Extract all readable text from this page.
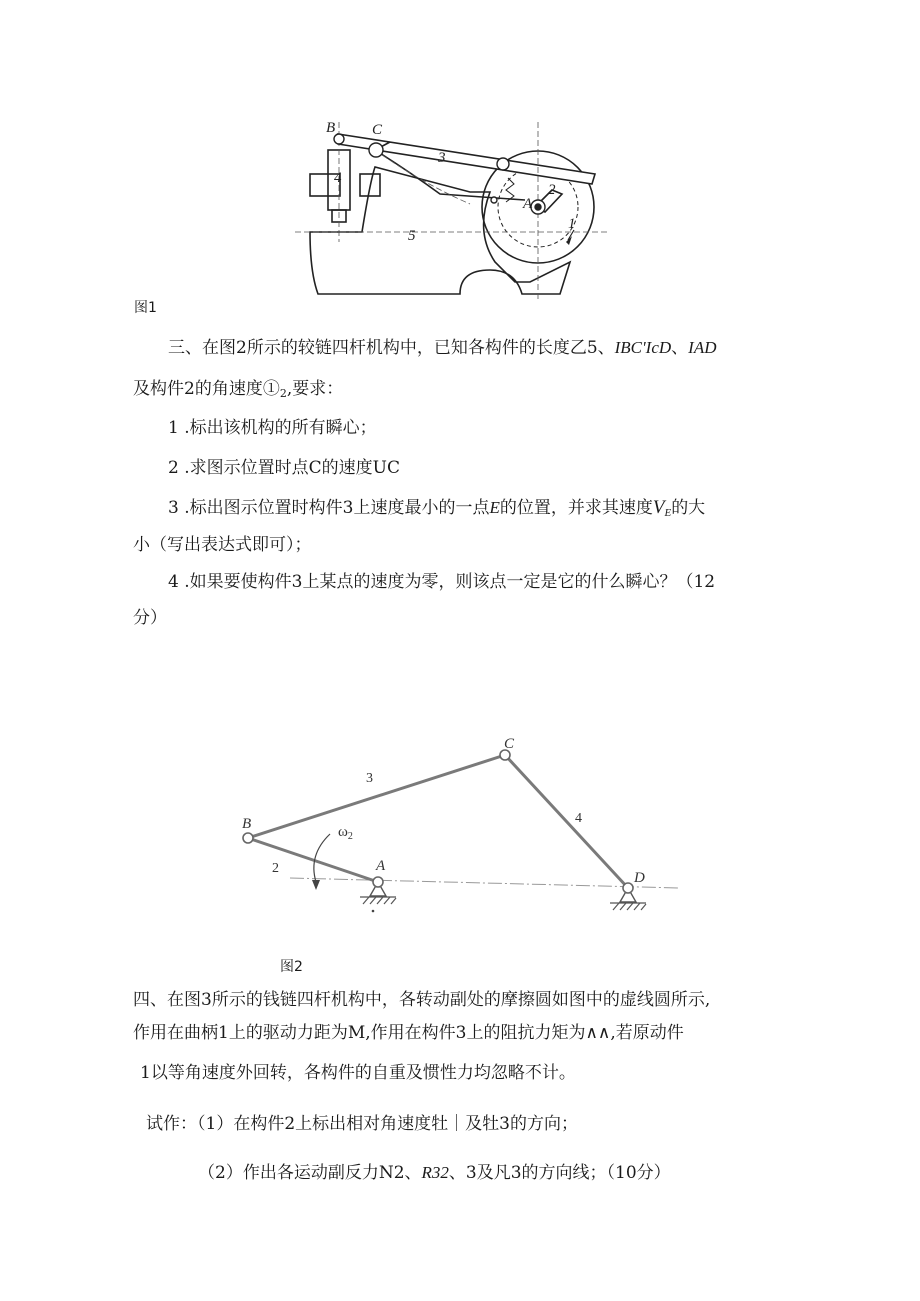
B C
3
4
2
A
1
5
图1
三、在图2所示的较链四杆机构中，已知各构件的长度乙5、IBC'IcD、IAD
及构件2的角速度$①_2$,要求：
1 .标出该机构的所有瞬心；
2 .求图示位置时点C的速度UC
3 .标出图示位置时构件3上速度最小的一点E的位置，并求其速度$V_E$的大
小（写出表达式即可）；
4 .如果要使构件3上某点的速度为零，则该点一定是它的什么瞬心？（12
分）
B
C
A
D
2
3
4
$\omega_2$
图2
四、在图3所示的钱链四杆机构中，各转动副处的摩擦圆如图中的虚线圆所示,
作用在曲柄1上的驱动力距为M,作用在构件3上的阻抗力矩为∧∧,若原动件
1以等角速度外回转，各构件的自重及惯性力均忽略不计。
试作：（1）在构件2上标出相对角速度牡｜及牡3的方向；
（2）作出各运动副反力N2、R32、3及凡3的方向线；（10分）
